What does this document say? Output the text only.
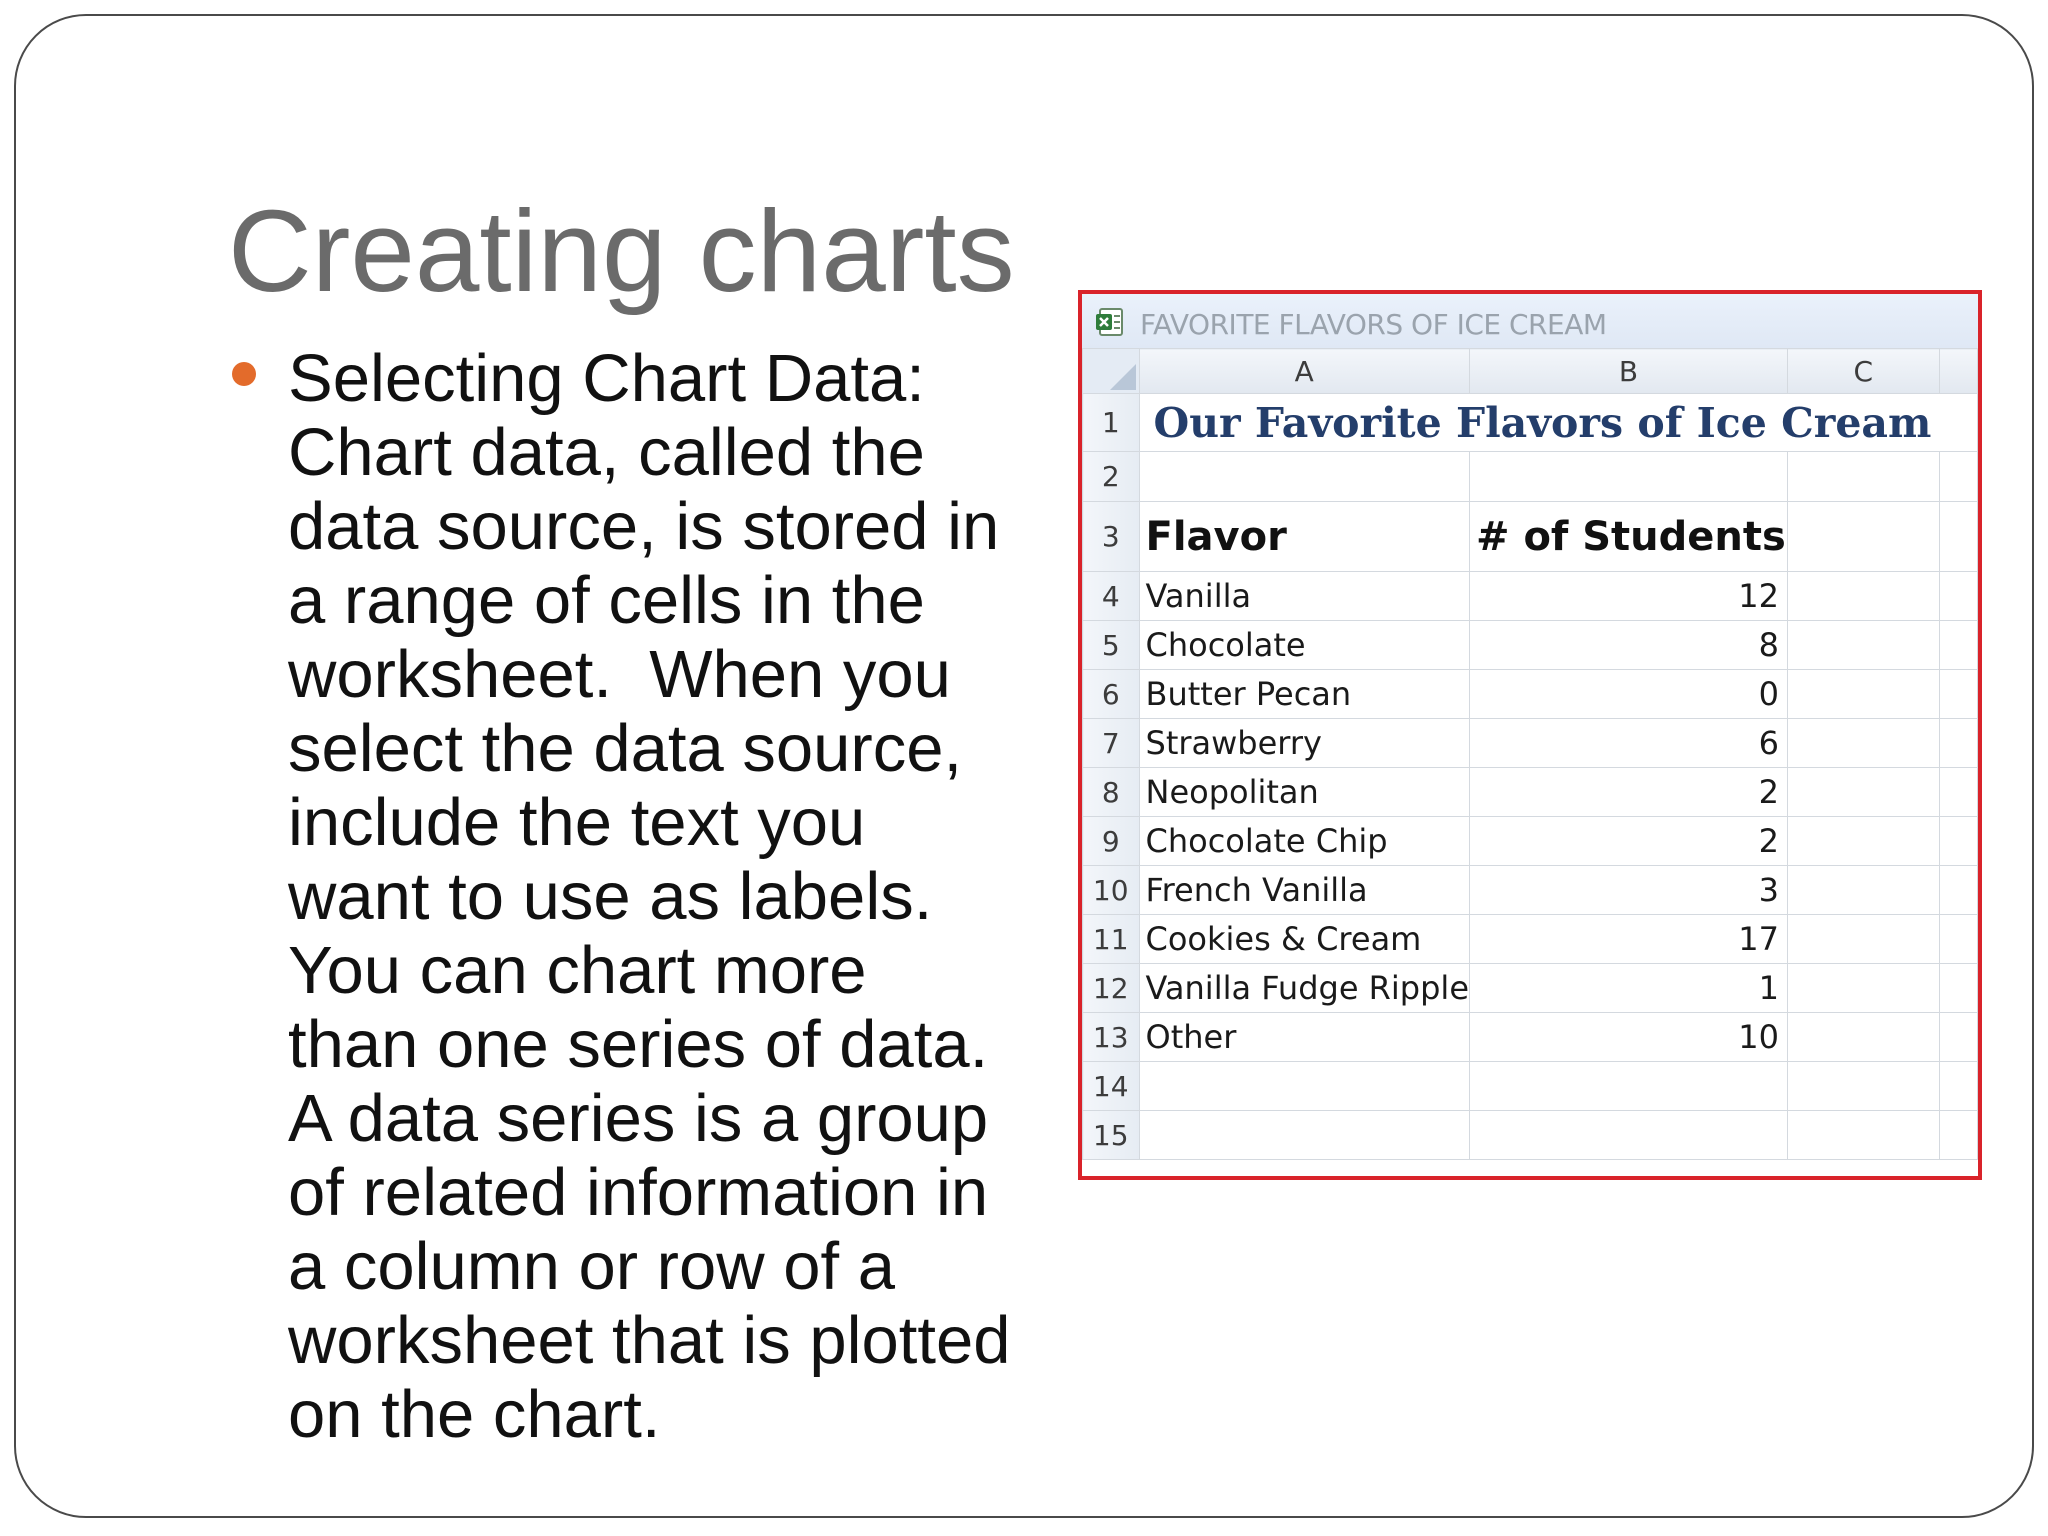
Creating charts
Selecting Chart Data:
Chart data, called the
data source, is stored in
a range of cells in the
worksheet.  When you
select the data source,
include the text you
want to use as labels.
You can chart more
than one series of data.
A data series is a group
of related information in
a column or row of a
worksheet that is plotted
on the chart.
FAVORITE FLAVORS OF ICE CREAM
	A	B	C	
1	Our Favorite Flavors of Ice Cream			
2				
3	Flavor	# of Students		
4	Vanilla	12		
5	Chocolate	8		
6	Butter Pecan	0		
7	Strawberry	6		
8	Neopolitan	2		
9	Chocolate Chip	2		
10	French Vanilla	3		
11	Cookies & Cream	17		
12	Vanilla Fudge Ripple	1		
13	Other	10		
14				
15				
